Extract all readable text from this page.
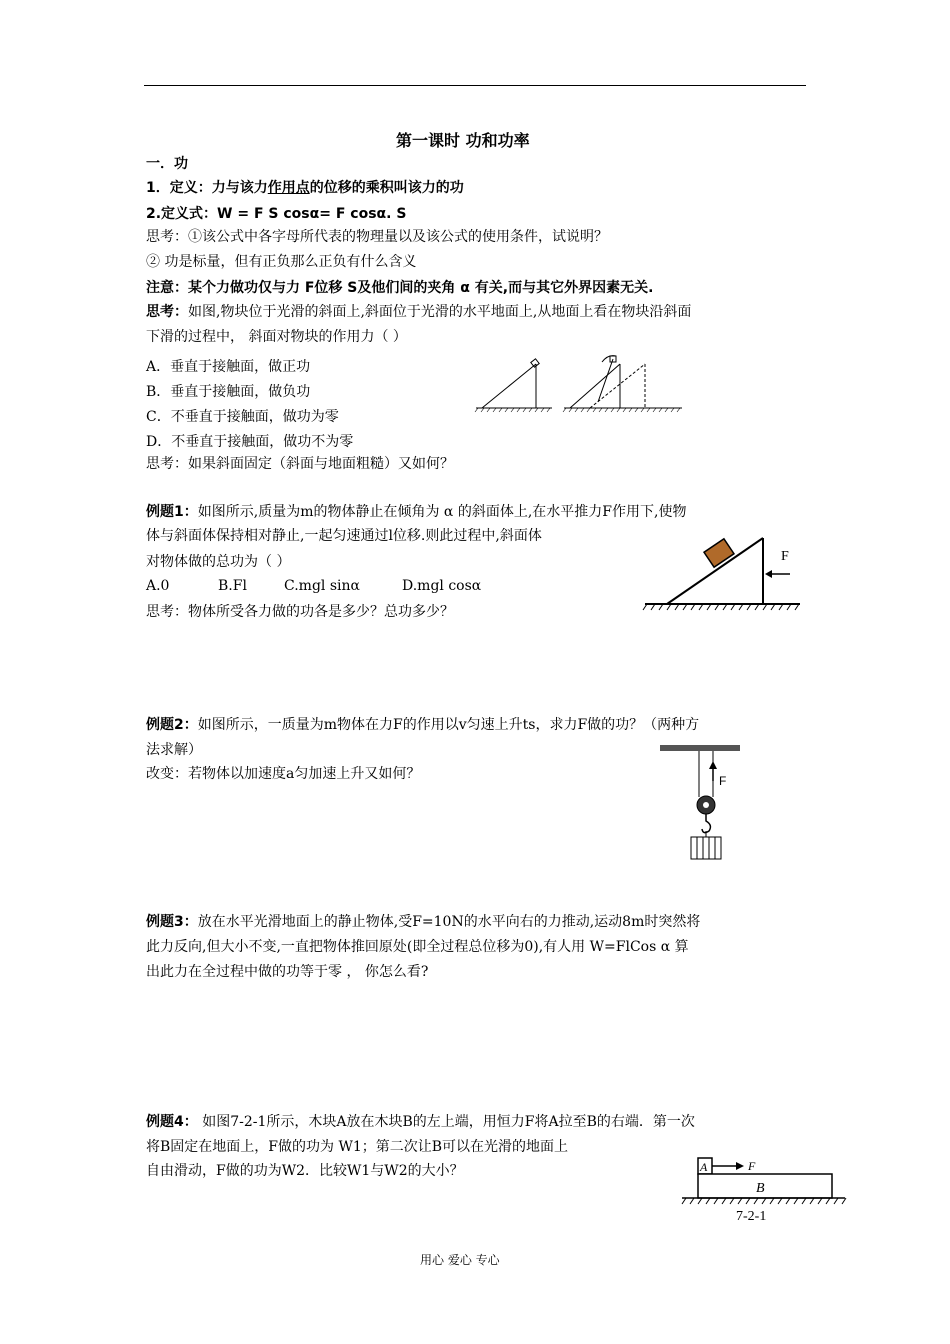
第一课时 功和功率
一．功
1．定义：力与该力作用点的位移的乘积叫该力的功
2.定义式：W = F S cosα= F cosα. S
思考：①该公式中各字母所代表的物理量以及该公式的使用条件，试说明？
② 功是标量，但有正负那么正负有什么含义
注意：某个力做功仅与力 F位移 S及他们间的夹角 α 有关,而与其它外界因素无关.
思考：如图,物块位于光滑的斜面上,斜面位于光滑的水平地面上,从地面上看在物块沿斜面
下滑的过程中， 斜面对物块的作用力（ ）
A．垂直于接触面，做正功
B．垂直于接触面，做负功
C．不垂直于接触面，做功为零
D．不垂直于接触面，做功不为零
思考：如果斜面固定（斜面与地面粗糙）又如何？
例题1：如图所示,质量为m的物体静止在倾角为 α 的斜面体上,在水平推力F作用下,使物
体与斜面体保持相对静止,一起匀速通过l位移.则此过程中,斜面体
对物体做的总功为（ ）
A.0	B.Fl	C.mgl sinα	D.mgl cosα
思考：物体所受各力做的功各是多少？总功多少？
F
例题2：如图所示，一质量为m物体在力F的作用以v匀速上升ts，求力F做的功？（两种方
法求解）
改变：若物体以加速度a匀加速上升又如何？	F
例题3：放在水平光滑地面上的静止物体,受F=10N的水平向右的力推动,运动8m时突然将
此力反向,但大小不变,一直把物体推回原处(即全过程总位移为0),有人用 W=FlCos α 算
出此力在全过程中做的功等于零 ， 你怎么看?
例题4： 如图7-2-1所示，木块A放在木块B的左上端，用恒力F将A拉至B的右端．第一次
将B固定在地面上，F做的功为 W1；第二次让B可以在光滑的地面上
自由滑动，F做的功为W2．比较W1与W2的大小？	A	F
B
7-2-1
用心 爱心 专心
